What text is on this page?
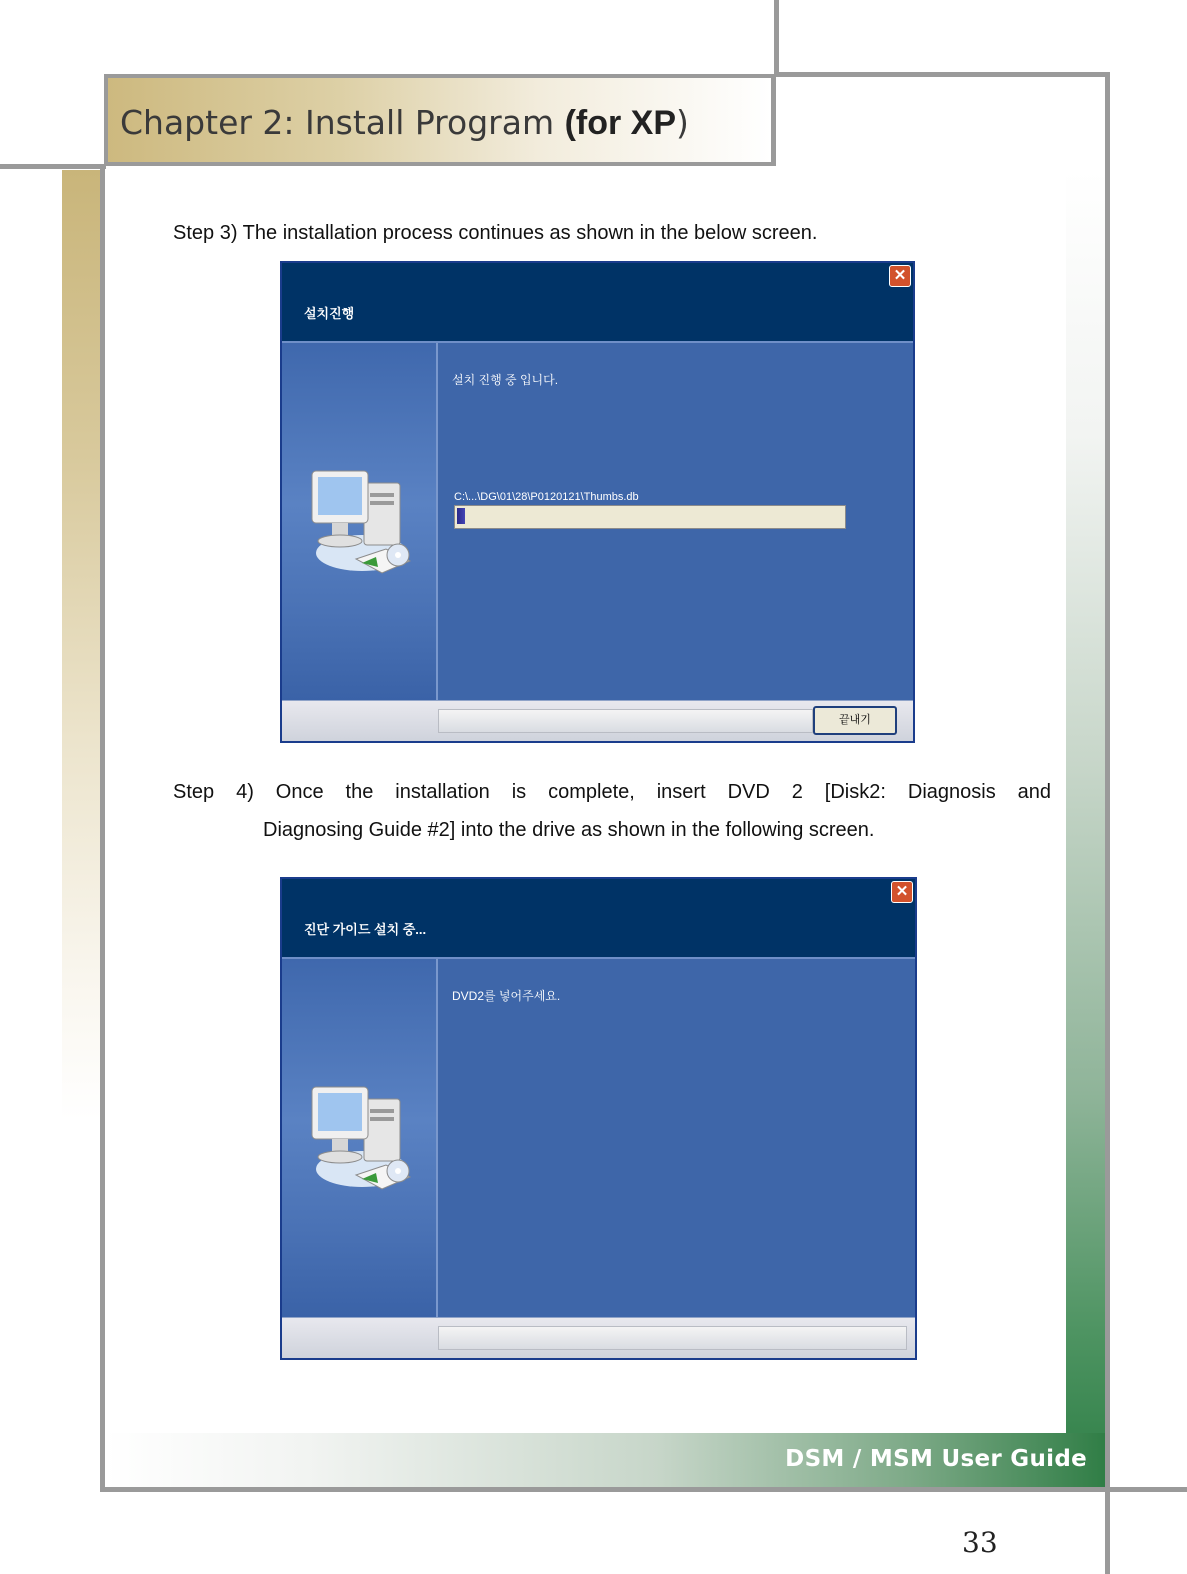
Chapter 2: Install Program (for XP)
Step 3) The installation process continues as shown in the below screen.
설치진행
✕
설치 진행 중 입니다.
C:\...\DG\01\28\P0120121\Thumbs.db
끝내기
Step 4) Once the installation is complete, insert DVD 2 [Disk2: Diagnosis and
Diagnosing Guide #2] into the drive as shown in the following screen.
진단 가이드 설치 중...
✕
DVD2를 넣어주세요.
DSM / MSM User Guide
33
